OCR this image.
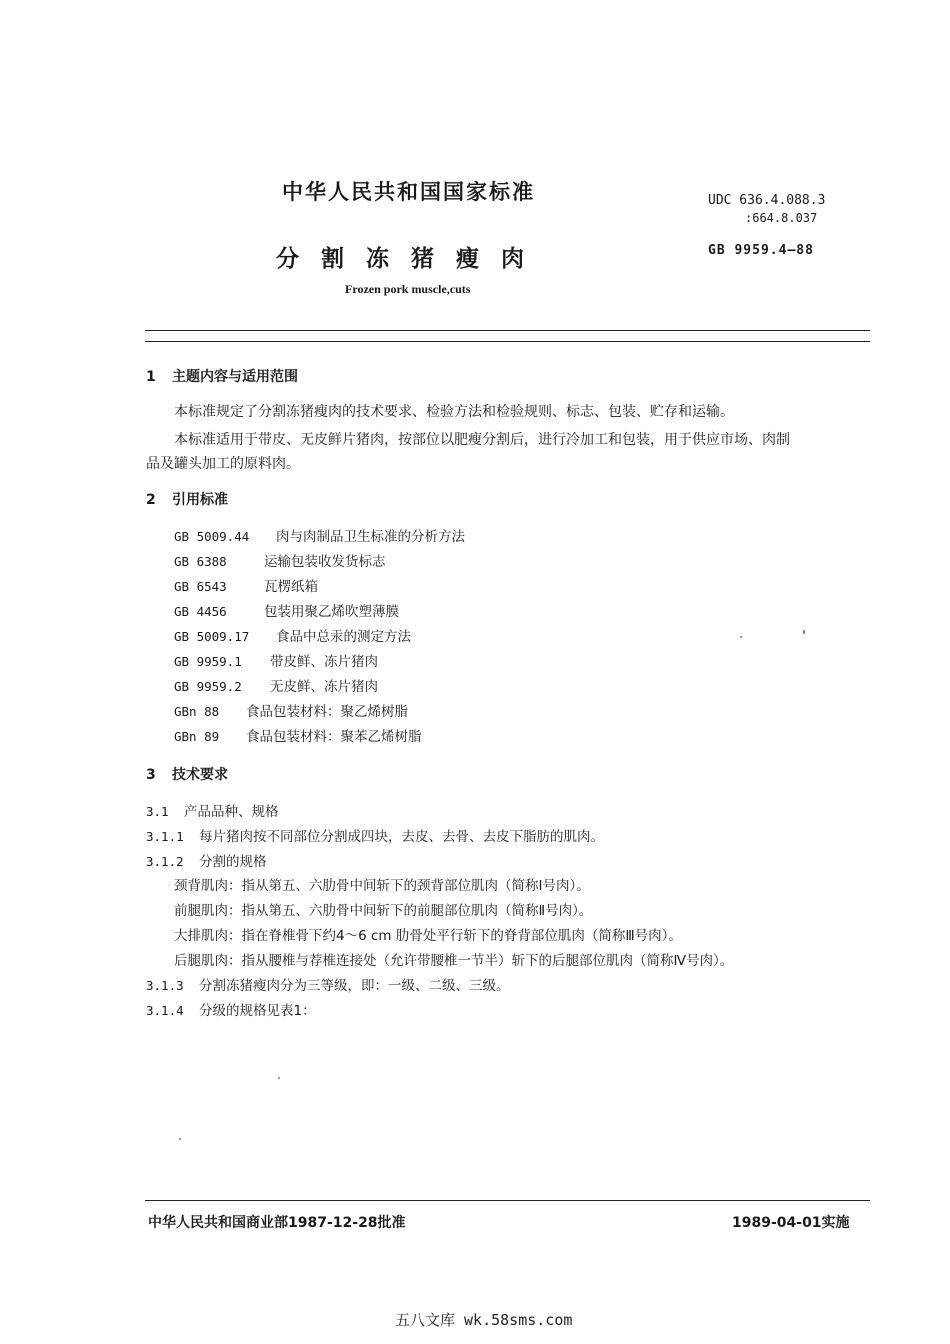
中华人民共和国国家标准	UDC 636.4.088.3
:664.8.037
分割冻猪瘦肉	GB 9959.4—88
Frozen pork muscle,cuts
1 主题内容与适用范围
本标准规定了分割冻猪瘦肉的技术要求、检验方法和检验规则、标志、包装、贮存和运输。
本标准适用于带皮、无皮鲜片猪肉，按部位以肥瘦分割后，进行冷加工和包装，用于供应市场、肉制
品及罐头加工的原料肉。
2 引用标准
GB 5009.44 肉与肉制品卫生标准的分析方法
GB 6388	运输包装收发货标志
GB 6543	瓦楞纸箱
GB 4456	包装用聚乙烯吹塑薄膜
GB 5009.17 食品中总汞的测定方法
GB 9959.1 带皮鲜、冻片猪肉
GB 9959.2 无皮鲜、冻片猪肉
GBn 88 食品包装材料：聚乙烯树脂
GBn 89 食品包装材料：聚苯乙烯树脂
3 技术要求
3.1 产品品种、规格
3.1.1 每片猪肉按不同部位分割成四块，去皮、去骨、去皮下脂肪的肌肉。
3.1.2 分割的规格
颈背肌肉：指从第五、六肋骨中间斩下的颈背部位肌肉（简称Ⅰ号肉）。
前腿肌肉：指从第五、六肋骨中间斩下的前腿部位肌肉（简称Ⅱ号肉）。
大排肌肉：指在脊椎骨下约4～6 cm 肋骨处平行斩下的脊背部位肌肉（简称Ⅲ号肉）。
后腿肌肉：指从腰椎与荐椎连接处（允许带腰椎一节半）斩下的后腿部位肌肉（简称Ⅳ号肉）。
3.1.3 分割冻猪瘦肉分为三等级，即：一级、二级、三级。
3.1.4 分级的规格见表1：
中华人民共和国商业部1987-12-28批准	1989-04-01实施
五八文库 wk.58sms.com
